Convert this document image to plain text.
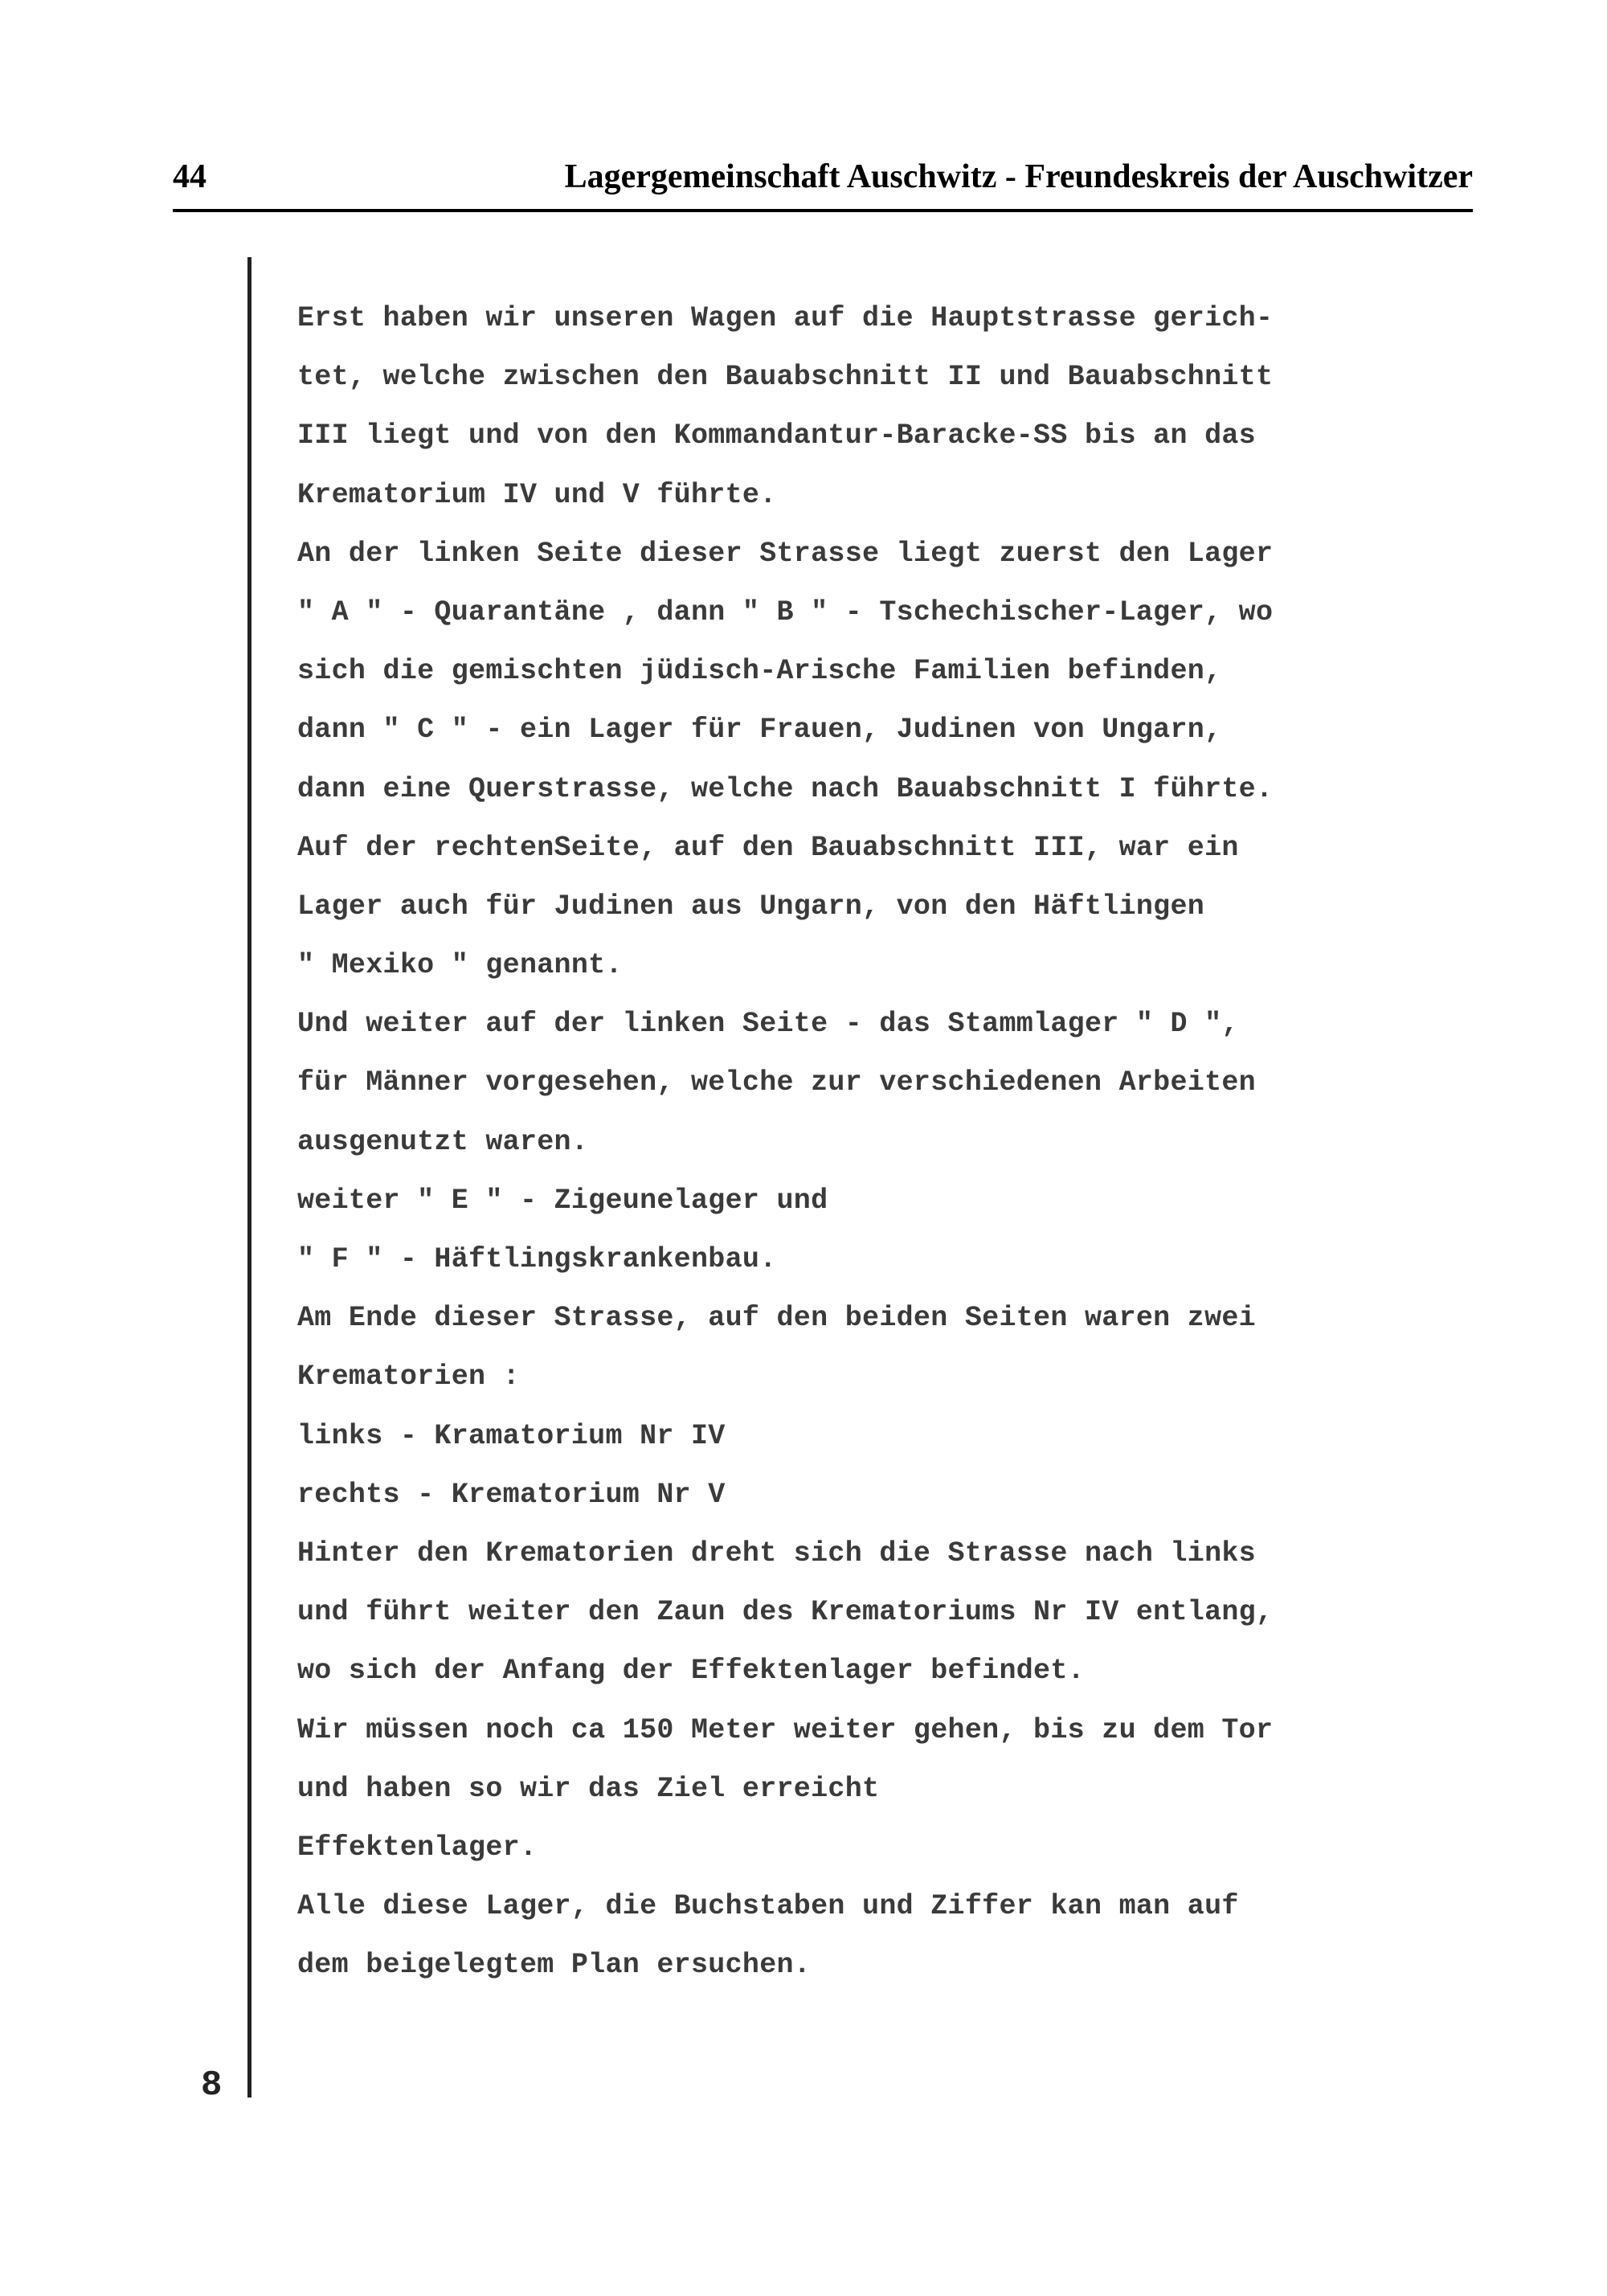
44	Lagergemeinschaft Auschwitz - Freundeskreis der Auschwitzer
8
Erst haben wir unseren Wagen auf die Hauptstrasse gerich-
tet, welche zwischen den Bauabschnitt II und Bauabschnitt
III liegt und von den Kommandantur-Baracke-SS bis an das
Krematorium IV und V führte.
An der linken Seite dieser Strasse liegt zuerst den Lager
" A " - Quarantäne , dann " B " - Tschechischer-Lager, wo
sich die gemischten jüdisch-Arische Familien befinden,
dann " C " - ein Lager für Frauen, Judinen von Ungarn,
dann eine Querstrasse, welche nach Bauabschnitt I führte.
Auf der rechtenSeite, auf den Bauabschnitt III, war ein
Lager auch für Judinen aus Ungarn, von den Häftlingen
" Mexiko " genannt.
Und weiter auf der linken Seite - das Stammlager " D ",
für Männer vorgesehen, welche zur verschiedenen Arbeiten
ausgenutzt waren.
weiter " E " - Zigeunelager und
" F " - Häftlingskrankenbau.
Am Ende dieser Strasse, auf den beiden Seiten waren zwei
Krematorien :
links - Kramatorium Nr IV
rechts - Krematorium Nr V
Hinter den Krematorien dreht sich die Strasse nach links
und führt weiter den Zaun des Krematoriums Nr IV entlang,
wo sich der Anfang der Effektenlager befindet.
Wir müssen noch ca 150 Meter weiter gehen, bis zu dem Tor
und haben so wir das Ziel erreicht
Effektenlager.
Alle diese Lager, die Buchstaben und Ziffer kan man auf
dem beigelegtem Plan ersuchen.
